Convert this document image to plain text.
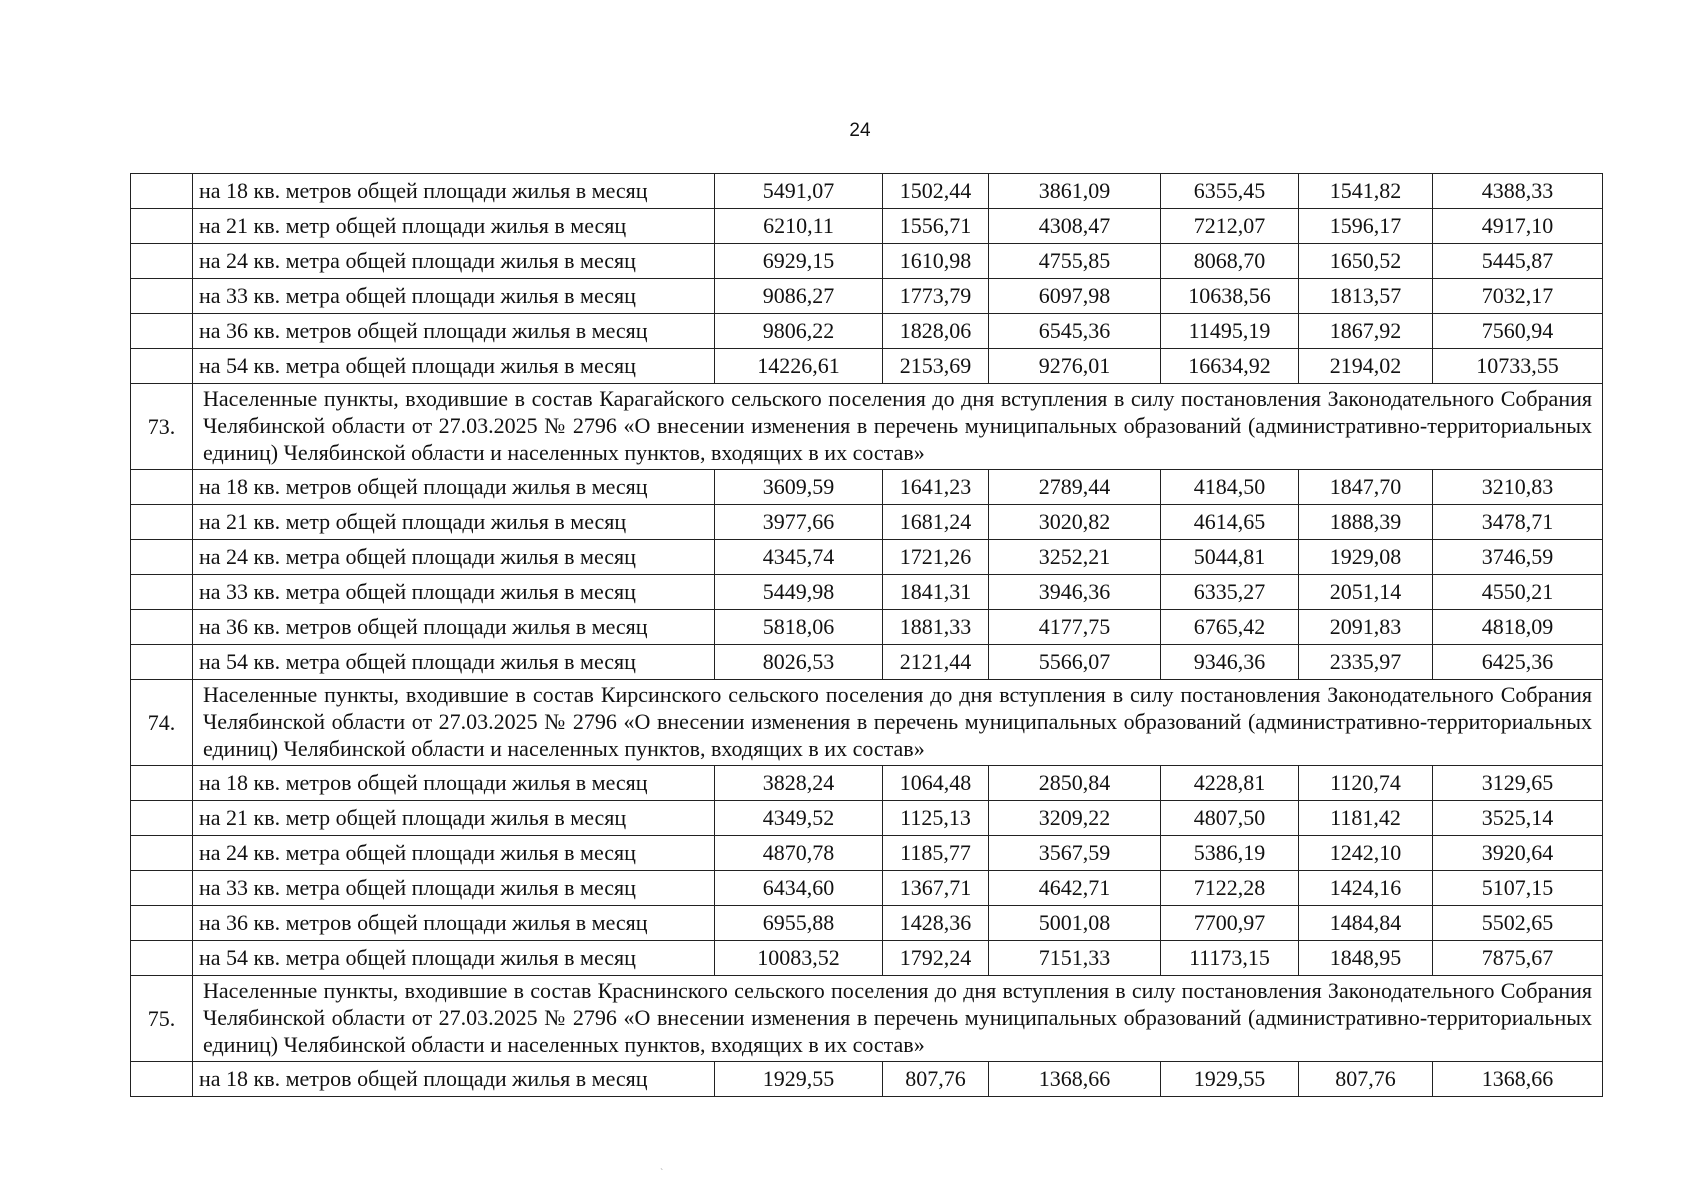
24
	на 18 кв. метров общей площади жилья в месяц	5491,07	1502,44	3861,09	6355,45	1541,82	4388,33
	на 21 кв. метр общей площади жилья в месяц	6210,11	1556,71	4308,47	7212,07	1596,17	4917,10
	на 24 кв. метра общей площади жилья в месяц	6929,15	1610,98	4755,85	8068,70	1650,52	5445,87
	на 33 кв. метра общей площади жилья в месяц	9086,27	1773,79	6097,98	10638,56	1813,57	7032,17
	на 36 кв. метров общей площади жилья в месяц	9806,22	1828,06	6545,36	11495,19	1867,92	7560,94
	на 54 кв. метра общей площади жилья в месяц	14226,61	2153,69	9276,01	16634,92	2194,02	10733,55
73.	Населенные пункты, входившие в состав Карагайского сельского поселения до дня вступления в силу постановления Законодательного Собрания Челябинской области от 27.03.2025 № 2796 «О внесении изменения в перечень муниципальных образований (административно-территориальных единиц) Челябинской области и населенных пунктов, входящих в их состав»						
	на 18 кв. метров общей площади жилья в месяц	3609,59	1641,23	2789,44	4184,50	1847,70	3210,83
	на 21 кв. метр общей площади жилья в месяц	3977,66	1681,24	3020,82	4614,65	1888,39	3478,71
	на 24 кв. метра общей площади жилья в месяц	4345,74	1721,26	3252,21	5044,81	1929,08	3746,59
	на 33 кв. метра общей площади жилья в месяц	5449,98	1841,31	3946,36	6335,27	2051,14	4550,21
	на 36 кв. метров общей площади жилья в месяц	5818,06	1881,33	4177,75	6765,42	2091,83	4818,09
	на 54 кв. метра общей площади жилья в месяц	8026,53	2121,44	5566,07	9346,36	2335,97	6425,36
74.	Населенные пункты, входившие в состав Кирсинского сельского поселения до дня вступления в силу постановления Законодательного Собрания Челябинской области от 27.03.2025 № 2796 «О внесении изменения в перечень муниципальных образований (административно-территориальных единиц) Челябинской области и населенных пунктов, входящих в их состав»						
	на 18 кв. метров общей площади жилья в месяц	3828,24	1064,48	2850,84	4228,81	1120,74	3129,65
	на 21 кв. метр общей площади жилья в месяц	4349,52	1125,13	3209,22	4807,50	1181,42	3525,14
	на 24 кв. метра общей площади жилья в месяц	4870,78	1185,77	3567,59	5386,19	1242,10	3920,64
	на 33 кв. метра общей площади жилья в месяц	6434,60	1367,71	4642,71	7122,28	1424,16	5107,15
	на 36 кв. метров общей площади жилья в месяц	6955,88	1428,36	5001,08	7700,97	1484,84	5502,65
	на 54 кв. метра общей площади жилья в месяц	10083,52	1792,24	7151,33	11173,15	1848,95	7875,67
75.	Населенные пункты, входившие в состав Краснинского сельского поселения до дня вступления в силу постановления Законодательного Собрания Челябинской области от 27.03.2025 № 2796 «О внесении изменения в перечень муниципальных образований (административно-территориальных единиц) Челябинской области и населенных пунктов, входящих в их состав»						
	на 18 кв. метров общей площади жилья в месяц	1929,55	807,76	1368,66	1929,55	807,76	1368,66
`
